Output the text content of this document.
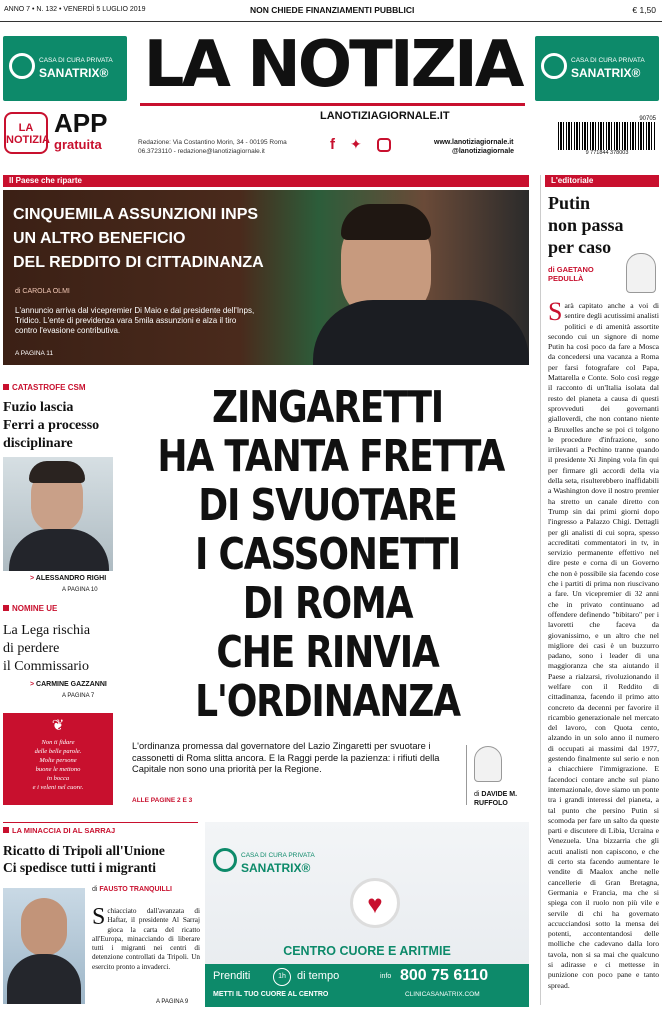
ANNO 7 • N. 132 • VENERDÌ 5 LUGLIO 2019	NON CHIEDE FINANZIAMENTI PUBBLICI	€ 1,50
CASA DI CURA PRIVATA
SANATRIX®
CASA DI CURA PRIVATA
SANATRIX®
LA NOTIZIA
LANOTIZIAGIORNALE.IT
LA NOTIZIA
APP
gratuita	Redazione: Via Costantino Morin, 34 - 00195 Roma
06.3723110 - redazione@lanotiziagiornale.it	f ✦	www.lanotiziagiornale.it
@lanotiziagiornale
90705
9 771844 378003
Il Paese che riparte
CINQUEMILA ASSUNZIONI INPS
UN ALTRO BENEFICIO
DEL REDDITO DI CITTADINANZA
di CAROLA OLMI
L'annuncio arriva dal vicepremier Di Maio e dal presidente dell'Inps, Tridico. L'ente di previdenza vara 5mila assunzioni e alza il tiro contro l'evasione contributiva.
A PAGINA 11
L'editoriale
Putin
non passa
per caso
di GAETANO PEDULLÀ
Sarà capitato anche a voi di sentire degli acutissimi analisti politici e di amenità assortite secondo cui un signore di nome Putin ha così poco da fare a Mosca da concedersi una vacanza a Roma per farsi fotografare col Papa, Mattarella e Conte. Solo così regge il racconto di un'Italia isolata dal resto del pianeta a causa di questi sprovveduti dei governanti gialloverdi, che non contano niente a Bruxelles anche se poi ci tolgono le procedure d'infrazione, sono irrilevanti a Pechino tranne quando il presidente Xi Jinping vola fin qui per firmare gli accordi della via della seta, risulterebbero inaffidabili a Washington dove il nostro premier ha stretto un canale diretto con Trump sin dai primi giorni dopo l'ingresso a Palazzo Chigi. Dettagli per gli analisti di cui sopra, spesso accreditati commentatori in tv, in servizio permanente effettivo nel dire peste e corna di un Governo che non è possibile sia facendo cose che i partiti di prima non riuscivano a fare. Un vicepremier di 32 anni che in privato continuano ad offendere definendo "bibitaro" per i lavoretti che faceva da giovanissimo, e un altro che nel migliore dei casi è un buzzurro padano, sono i leader di una maggioranza che sta aiutando il Paese a rialzarsi, rivoluzionando il welfare con il Reddito di cittadinanza, facendo il primo atto concreto da decenni per favorire il ricambio generazionale nel mercato del lavoro, con Quota cento, alzando in un solo anno il numero di occupati ai massimi dal 1977, gestendo finalmente sul serio e non a chiacchiere l'immigrazione. E facendoci contare anche sul piano internazionale, dove siamo un ponte tra i grandi interessi del pianeta, a tal punto che persino Putin si scomoda per fare un salto da queste parti e discutere di Libia, Ucraina e Venezuela. Una bizzarria che gli acuti analisti non capiscono, e che di certo sta facendo aumentare le vendite di Maalox anche nelle cancellerie di Gran Bretagna, Germania e Francia, ma che si spiega con il ruolo non più vile e servile di chi ha governato accucciandosi sotto la mensa dei potenti, accontentandosi delle molliche che cadevano dalla loro tavola, non si sa mai che qualcuno si adirasse e ci mettesse in punizione con poco pane e tanto spread.
CATASTROFE CSM
Fuzio lascia
Ferri a processo
disciplinare
> ALESSANDRO RIGHI
A PAGINA 10
NOMINE UE
La Lega rischia
di perdere
il Commissario
> CARMINE GAZZANNI
A PAGINA 7
❦
Non ti fidare
delle belle parole.
Molte persone
buone le mettono
in bocca
e i veleni nel cuore.
ZINGARETTI
HA TANTA FRETTA
DI SVUOTARE
I CASSONETTI
DI ROMA
CHE RINVIA
L'ORDINANZA
L'ordinanza promessa dal governatore del Lazio Zingaretti per svuotare i cassonetti di Roma slitta ancora. E la Raggi perde la pazienza: i rifiuti della Capitale non sono una priorità per la Regione.
ALLE PAGINE 2 E 3
di DAVIDE M. RUFFOLO
LA MINACCIA DI AL SARRAJ
Ricatto di Tripoli all'Unione
Ci spedisce tutti i migranti
di FAUSTO TRANQUILLI
Schiacciato dall'avanzata di Haftar, il presidente Al Sarraj gioca la carta del ricatto all'Europa, minacciando di liberare tutti i migranti nei centri di detenzione controllati da Tripoli. Un esercito pronto a invaderci.
A PAGINA 9
CASA DI CURA PRIVATA
SANATRIX®
♥
CENTRO CUORE E ARITMIE
Prenditi	1h	di tempo	info 800 75 6110
METTI IL TUO CUORE AL CENTRO	CLINICASANATRIX.COM
